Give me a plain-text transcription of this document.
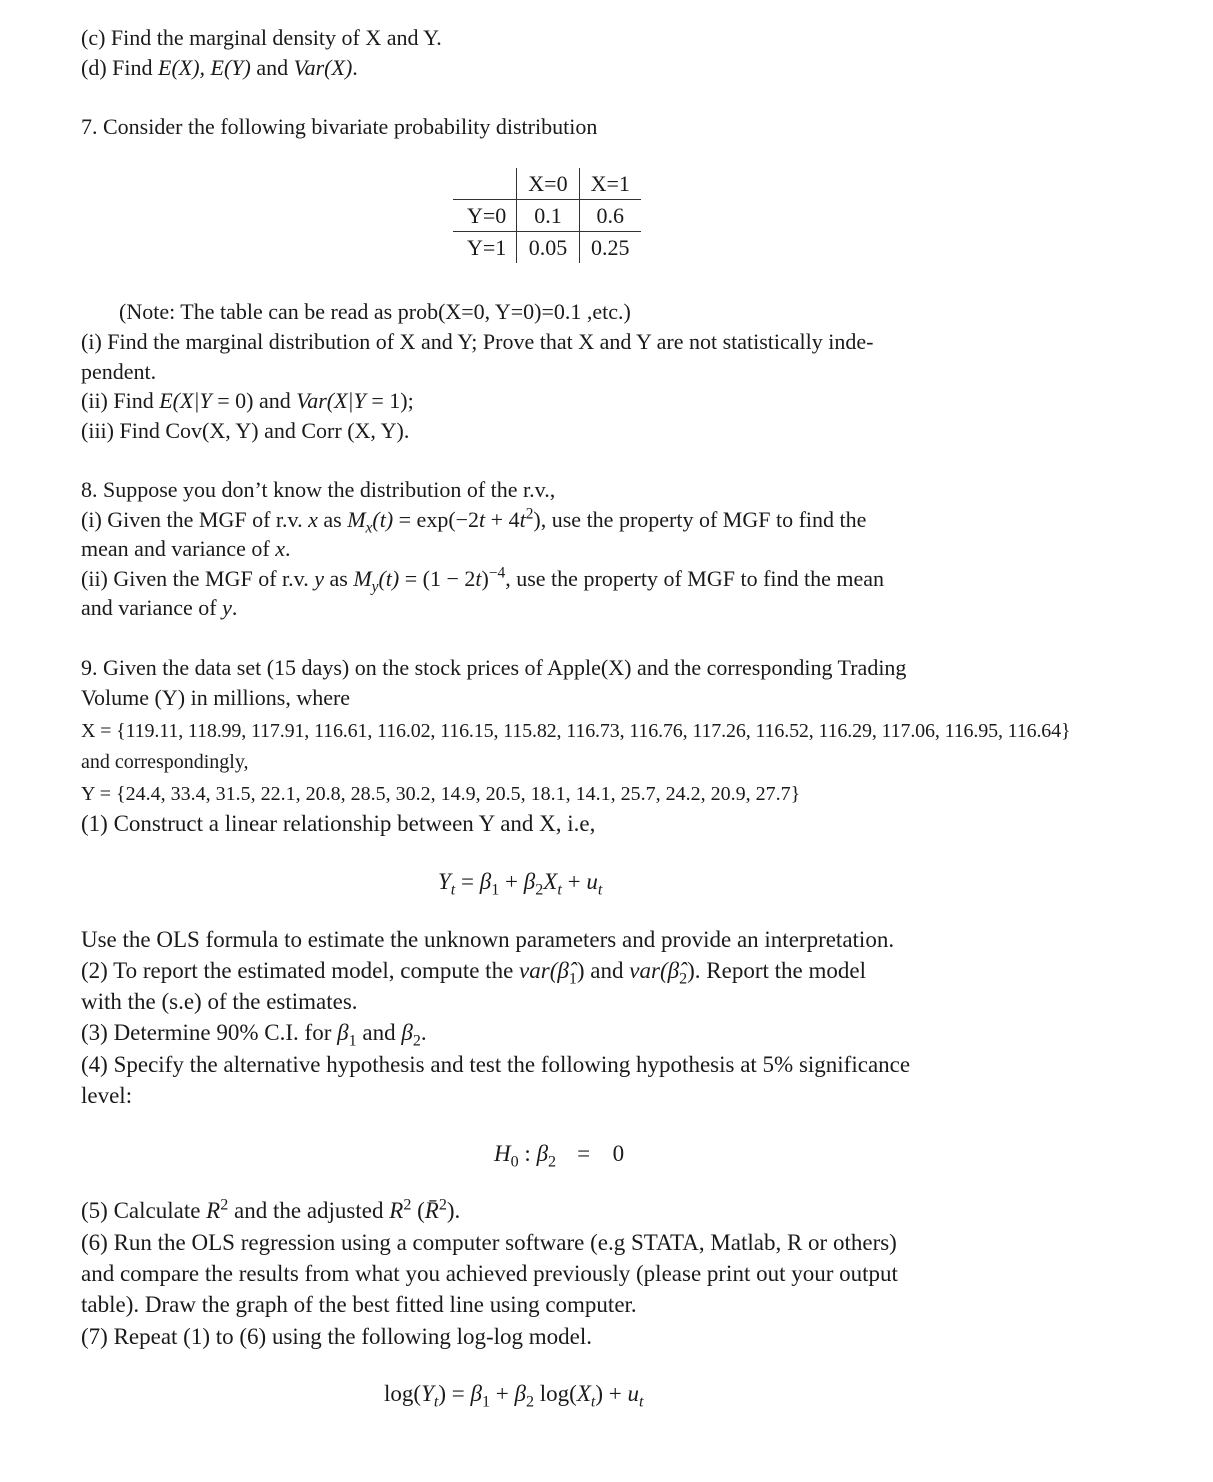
(c) Find the marginal density of X and Y.
(d) Find E(X), E(Y) and Var(X).
7. Consider the following bivariate probability distribution
	X=0	X=1
Y=0	0.1	0.6
Y=1	0.05	0.25
(Note: The table can be read as prob(X=0, Y=0)=0.1 ,etc.)
(i) Find the marginal distribution of X and Y; Prove that X and Y are not statistically inde-
pendent.
(ii) Find E(X|Y = 0) and Var(X|Y = 1);
(iii) Find Cov(X, Y) and Corr (X, Y).
8. Suppose you don’t know the distribution of the r.v.,
(i) Given the MGF of r.v. x as $M_x(t) = \exp(-2t + 4t^2)$, use the property of MGF to find the
mean and variance of x.
(ii) Given the MGF of r.v. y as $M_y(t) = (1 - 2t)^{-4}$, use the property of MGF to find the mean
and variance of y.
9. Given the data set (15 days) on the stock prices of Apple(X) and the corresponding Trading
Volume (Y) in millions, where
X = {119.11, 118.99, 117.91, 116.61, 116.02, 116.15, 115.82, 116.73, 116.76, 117.26, 116.52, 116.29, 117.06, 116.95, 116.64}
and correspondingly,
Y = {24.4, 33.4, 31.5, 22.1, 20.8, 28.5, 30.2, 14.9, 20.5, 18.1, 14.1, 25.7, 24.2, 20.9, 27.7}
(1) Construct a linear relationship between Y and X, i.e,
$Y_t = \beta_1 + \beta_2X_t + u_t$
Use the OLS formula to estimate the unknown parameters and provide an interpretation.
(2) To report the estimated model, compute the $var(\betâ_1)$ and $var(\betâ_2)$. Report the model
with the (s.e) of the estimates.
(3) Determine 90% C.I. for $\beta_1$ and $\beta_2$.
(4) Specify the alternative hypothesis and test the following hypothesis at 5% significance
level:
$H_0$ : $\beta_2 = 0$
(5) Calculate $R^2$ and the adjusted $R^2$ (R̄$^2$).
(6) Run the OLS regression using a computer software (e.g STATA, Matlab, R or others)
and compare the results from what you achieved previously (please print out your output
table). Draw the graph of the best fitted line using computer.
(7) Repeat (1) to (6) using the following log-log model.
$\log(Y_t) = \beta_1 + \beta_2$ $\log(X_t) + u_t$
